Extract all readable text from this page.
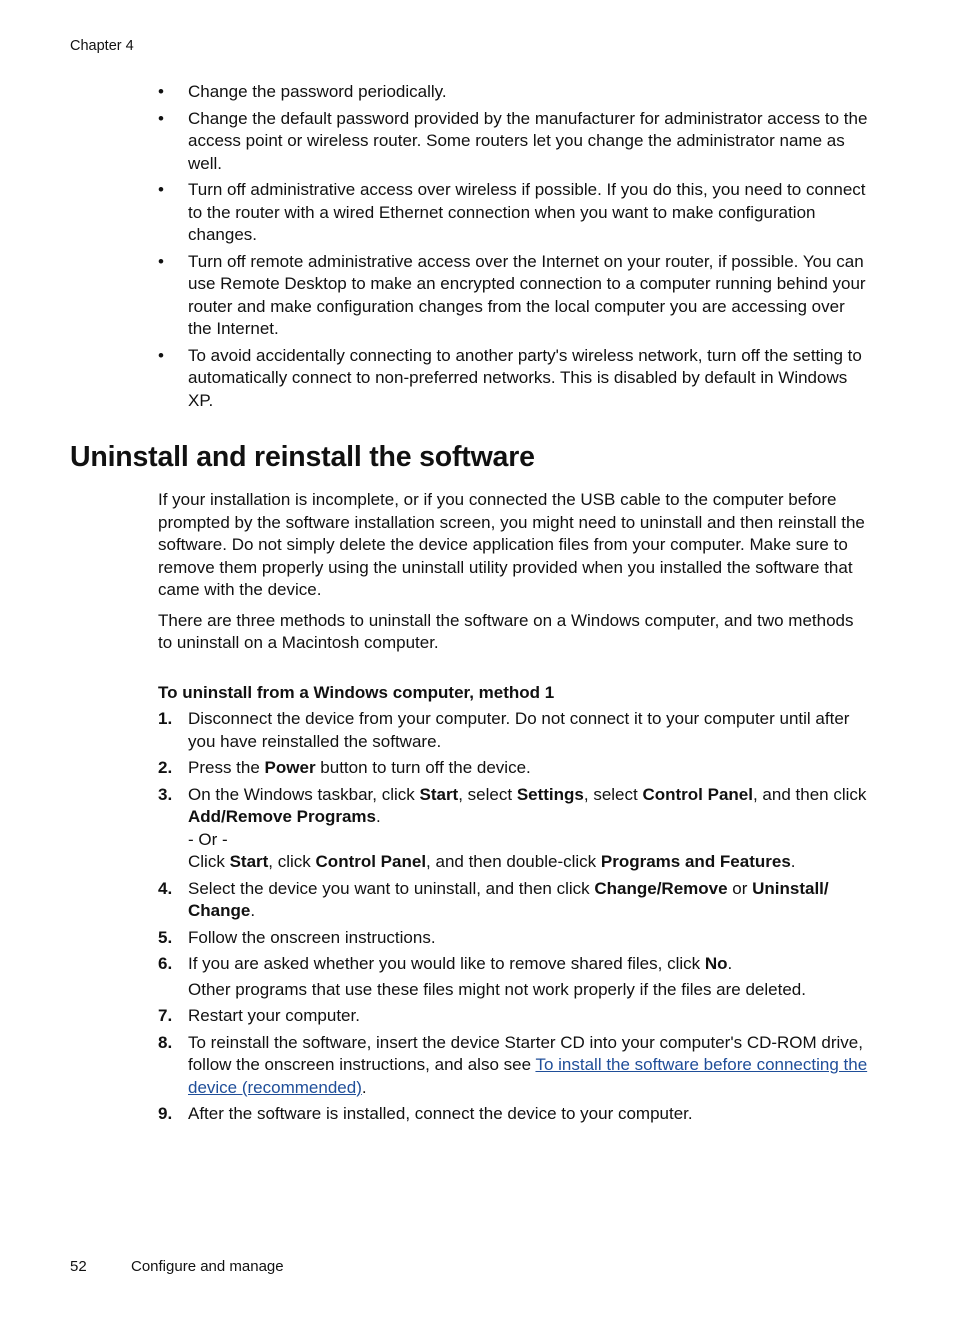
Chapter 4
• Change the password periodically.
• Change the default password provided by the manufacturer for administrator access to the access point or wireless router. Some routers let you change the administrator name as well.
• Turn off administrative access over wireless if possible. If you do this, you need to connect to the router with a wired Ethernet connection when you want to make configuration changes.
• Turn off remote administrative access over the Internet on your router, if possible. You can use Remote Desktop to make an encrypted connection to a computer running behind your router and make configuration changes from the local computer you are accessing over the Internet.
• To avoid accidentally connecting to another party's wireless network, turn off the setting to automatically connect to non-preferred networks. This is disabled by default in Windows XP.
Uninstall and reinstall the software

If your installation is incomplete, or if you connected the USB cable to the computer before prompted by the software installation screen, you might need to uninstall and then reinstall the software. Do not simply delete the device application files from your computer. Make sure to remove them properly using the uninstall utility provided when you installed the software that came with the device.

There are three methods to uninstall the software on a Windows computer, and two methods to uninstall on a Macintosh computer.

To uninstall from a Windows computer, method 1
1. Disconnect the device from your computer. Do not connect it to your computer until after you have reinstalled the software.
2. Press the Power button to turn off the device.
3. On the Windows taskbar, click Start, select Settings, select Control Panel, and then click Add/Remove Programs.
- Or -
Click Start, click Control Panel, and then double-click Programs and Features.
4. Select the device you want to uninstall, and then click Change/Remove or Uninstall/ Change.
5. Follow the onscreen instructions.
6. If you are asked whether you would like to remove shared files, click No.
Other programs that use these files might not work properly if the files are deleted.
7. Restart your computer.
8. To reinstall the software, insert the device Starter CD into your computer's CD-ROM drive, follow the onscreen instructions, and also see To install the software before connecting the device (recommended).
9. After the software is installed, connect the device to your computer.
52	Configure and manage
